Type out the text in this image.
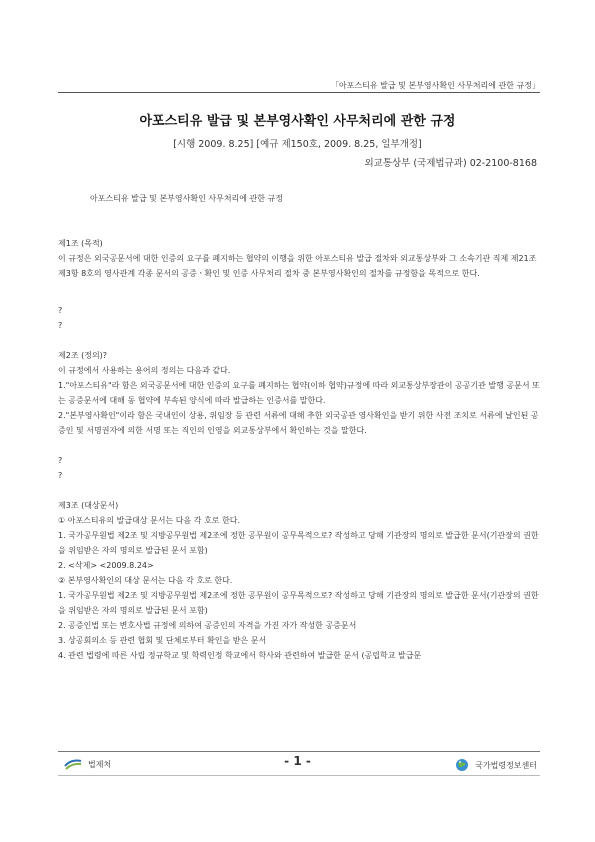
「아포스티유 발급 및 본부영사확인 사무처리에 관한 규정」
아포스티유 발급 및 본부영사확인 사무처리에 관한 규정
[시행 2009. 8.25] [예규 제150호, 2009. 8.25, 일부개정]
외교통상부 (국제법규과) 02-2100-8168
아포스티유 발급 및 본부영사확인 사무처리에 관한 규정

제1조 (목적)

이 규정은 외국공문서에 대한 인증의 요구를 폐지하는 협약의 이행을 위한 아포스티유 발급 절차와 외교통상부와 그 소속기관 직제 제21조 제3항 8호의 영사관계 각종 문서의 공증ㆍ확인 및 인증 사무처리 절차 중 본부영사확인의 절차를 규정함을 목적으로 한다.

?

?

제2조 (정의)?

이 규정에서 사용하는 용어의 정의는 다음과 같다.

1."아포스티유"라 함은 외국공문서에 대한 인증의 요구를 폐지하는 협약(이하 협약)규정에 따라 외교통상부장관이 공공기관 발행 공문서 또는 공증문서에 대해 동 협약에 부속된 양식에 따라 발급하는 인증서를 말한다.

2."본부영사확인"이라 함은 국내인이 상용, 위임장 등 관련 서류에 대해 추한 외국공관 영사확인을 받기 위한 사전 조치로 서류에 날인된 공증인 및 서명권자에 의한 서명 또는 직인의 인영을 외교통상부에서 확인하는 것을 말한다.

?

?

제3조 (대상문서)

① 아포스티유의 발급대상 문서는 다음 각 호로 한다.

1. 국가공무원법 제2조 및 지방공무원법 제2조에 정한 공무원이 공무목적으로? 작성하고 당해 기관장의 명의로 발급한 문서(기관장의 권한을 위임받은 자의 명의로 발급된 문서 포함)

2. <삭제> <2009.8.24>

② 본부영사확인의 대상 문서는 다음 각 호로 한다.

1. 국가공무원법 제2조 및 지방공무원법 제2조에 정한 공무원이 공무목적으로? 작성하고 당해 기관장의 명의로 발급한 문서(기관장의 권한을 위임받은 자의 명의로 발급된 문서 포함)

2. 공증인법 또는 변호사법 규정에 의하여 공증인의 자격을 가진 자가 작성한 공증문서

3. 상공회의소 등 관련 협회 및 단체로부터 확인을 받은 문서

4. 관련 법령에 따른 사립 정규학교 및 학력인정 학교에서 학사와 관련하여 발급한 문서 (공립학교 발급문

법제처	- 1 -	국가법령정보센터
